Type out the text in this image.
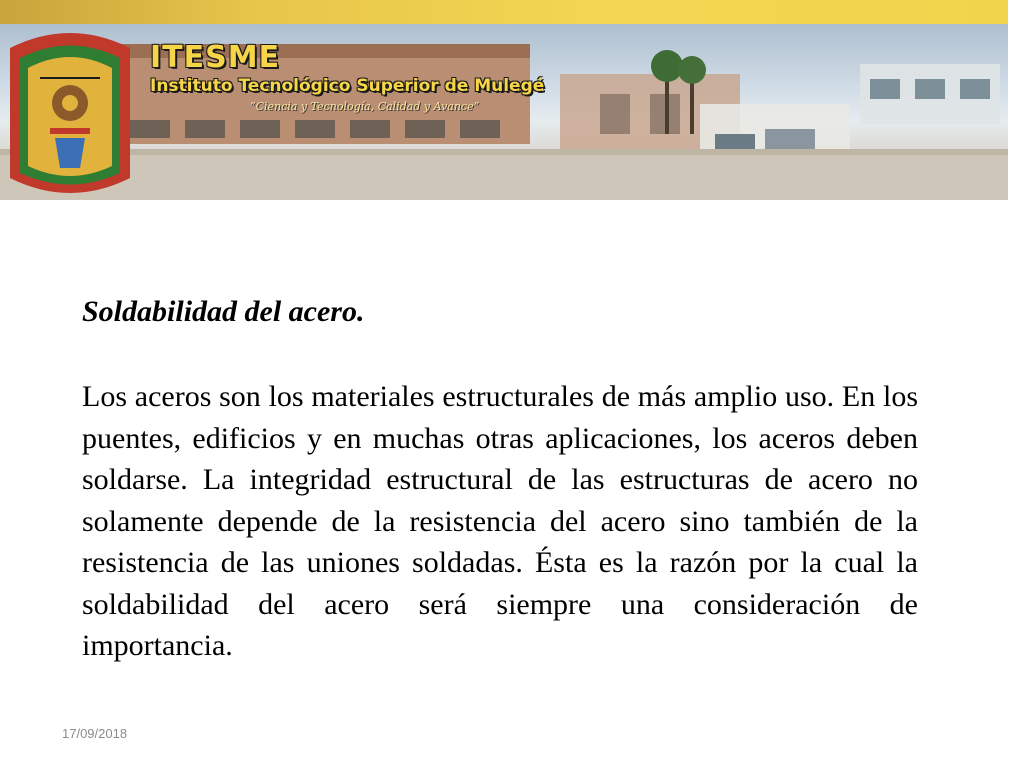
ITESME
Instituto Tecnológico Superior de Mulegé
“Ciencia y Tecnología, Calidad y Avance”
Soldabilidad del acero.

Los aceros son los materiales estructurales de más amplio uso. En los puentes, edificios y en muchas otras aplicaciones, los aceros deben soldarse. La integridad estructural de las estructuras de acero no solamente depende de la resistencia del acero sino también de la resistencia de las uniones soldadas. Ésta es la razón por la cual la soldabilidad del acero será siempre una consideración de importancia.

17/09/2018
